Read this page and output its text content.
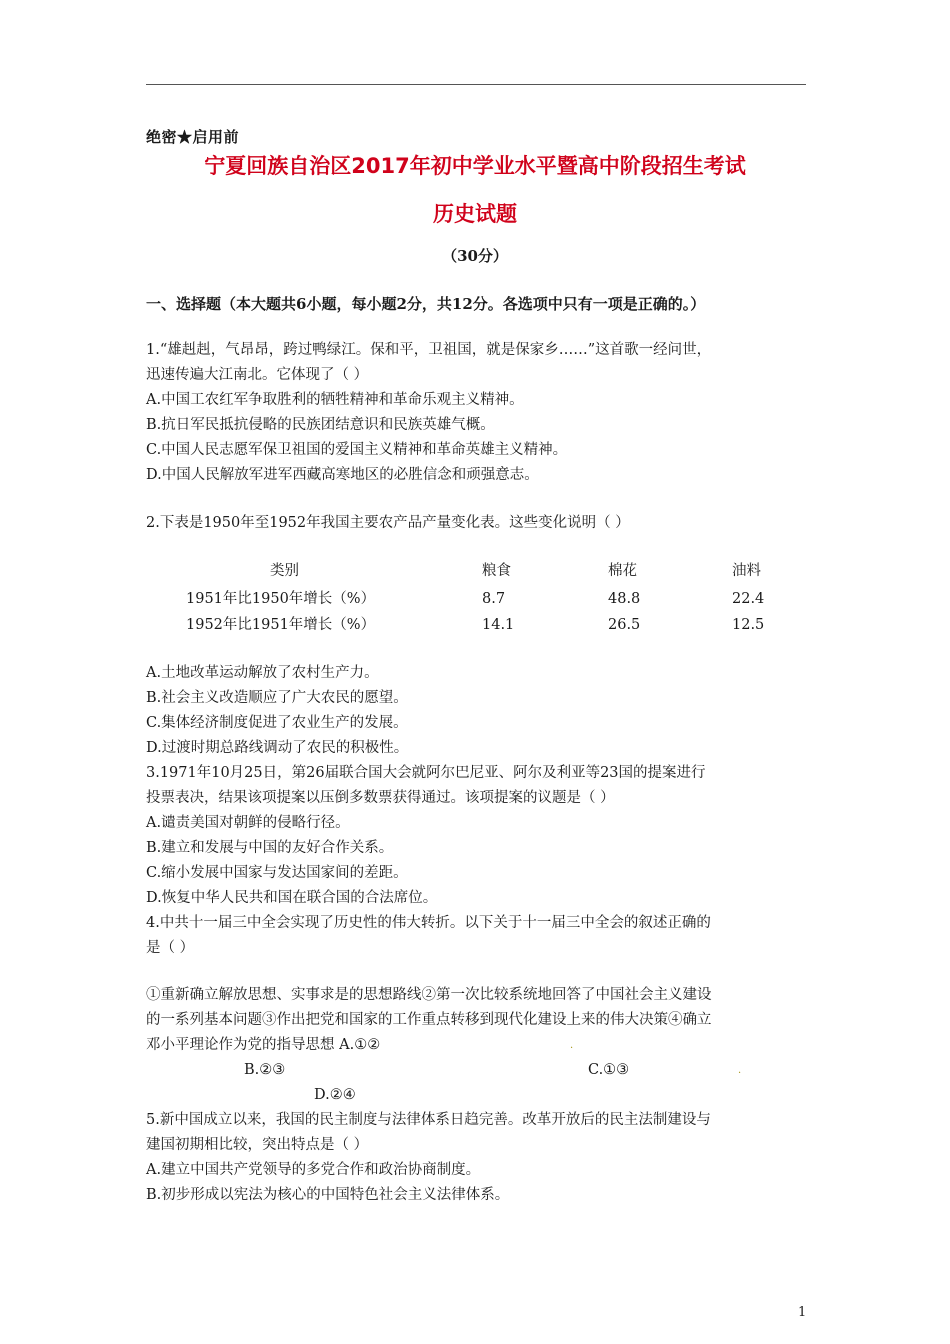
绝密★启用前
宁夏回族自治区2017年初中学业水平暨高中阶段招生考试
历史试题
（30分）
一、选择题（本大题共6小题，每小题2分，共12分。各选项中只有一项是正确的。）
1.“雄赳赳，气昂昂，跨过鸭绿江。保和平，卫祖国，就是保家乡……”这首歌一经问世，
迅速传遍大江南北。它体现了（ ）
A.中国工农红军争取胜利的牺牲精神和革命乐观主义精神。
B.抗日军民抵抗侵略的民族团结意识和民族英雄气概。
C.中国人民志愿军保卫祖国的爱国主义精神和革命英雄主义精神。
D.中国人民解放军进军西藏高寒地区的必胜信念和顽强意志。
2.下表是1950年至1952年我国主要农产品产量变化表。这些变化说明（ ）
类别	粮食	棉花	油料
1951年比1950年增长（%）	8.7	48.8	22.4
1952年比1951年增长（%）	14.1	26.5	12.5
A.土地改革运动解放了农村生产力。
B.社会主义改造顺应了广大农民的愿望。
C.集体经济制度促进了农业生产的发展。
D.过渡时期总路线调动了农民的积极性。
3.1971年10月25日，第26届联合国大会就阿尔巴尼亚、阿尔及利亚等23国的提案进行
投票表决，结果该项提案以压倒多数票获得通过。该项提案的议题是（ ）
A.谴责美国对朝鲜的侵略行径。
B.建立和发展与中国的友好合作关系。
C.缩小发展中国家与发达国家间的差距。
D.恢复中华人民共和国在联合国的合法席位。
4.中共十一届三中全会实现了历史性的伟大转折。以下关于十一届三中全会的叙述正确的
是（ ）
①重新确立解放思想、实事求是的思想路线②第一次比较系统地回答了中国社会主义建设
的一系列基本问题③作出把党和国家的工作重点转移到现代化建设上来的伟大决策④确立
邓小平理论作为党的指导思想 A.①②
B.②③	C.①③
D.②④
·
·
5.新中国成立以来，我国的民主制度与法律体系日趋完善。改革开放后的民主法制建设与
建国初期相比较，突出特点是（ ）
A.建立中国共产党领导的多党合作和政治协商制度。
B.初步形成以宪法为核心的中国特色社会主义法律体系。
1
